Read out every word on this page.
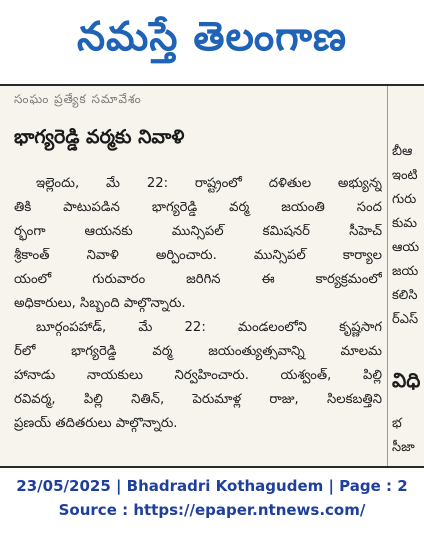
నమస్తే తెలంగాణ
సంఘం ప్రత్యేక సమావేశం
భాగ్యరెడ్డి వర్మకు నివాళి
ఇల్లెందు, మే 22: రాష్ట్రంలో దళితుల అభ్యున్న
తికి పాటుపడిన భాగ్యరెడ్డి వర్మ జయంతి సంద
ర్భంగా ఆయనకు మున్సిపల్ కమిషనర్ సీహెచ్
శ్రీకాంత్ నివాళి అర్పించారు. మున్సిపల్ కార్యాల
యంలో గురువారం జరిగిన ఈ కార్యక్రమంలో
అధికారులు, సిబ్బంది పాల్గొన్నారు.
బూర్గంపహాడ్, మే 22: మండలంలోని కృష్ణసాగ
ర్‌లో భాగ్యరెడ్డి వర్మ జయంత్యుత్సవాన్ని మాలమ
హానాడు నాయకులు నిర్వహించారు. యశ్వంత్, పిల్లి
రవివర్మ, పిల్లి నితిన్, పెరుమాళ్ల రాజు, సిలకబత్తిని
ప్రణయ్ తదితరులు పాల్గొన్నారు.
బీఆ
ఇంటి
గురు
కుమ
ఆయ
జయ
కలిసి
ర్ఎస్
విధి
భ
సీజా
23/05/2025 | Bhadradri Kothagudem | Page : 2
Source : https://epaper.ntnews.com/
